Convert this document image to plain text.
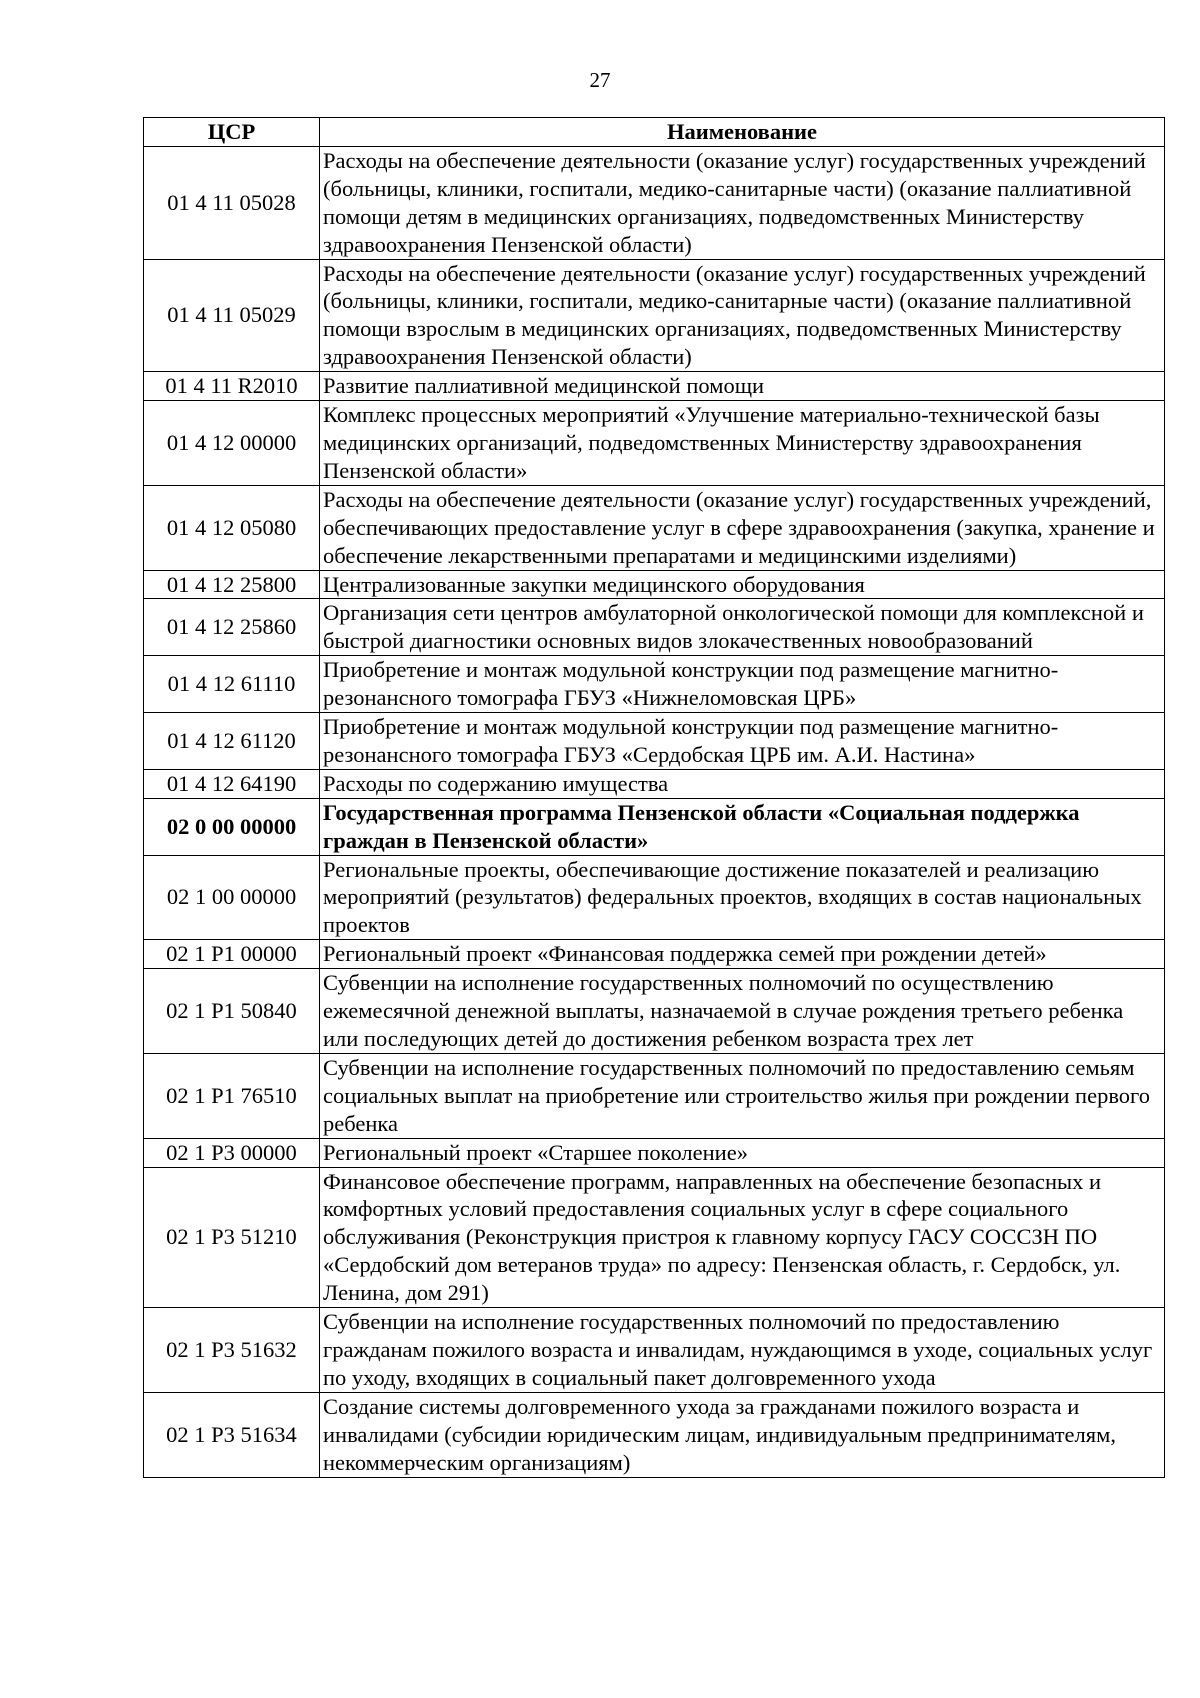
27
ЦСР	Наименование
01 4 11 05028	Расходы на обеспечение деятельности (оказание услуг) государственных учреждений (больницы, клиники, госпитали, медико-санитарные части) (оказание паллиативной помощи детям в медицинских организациях, подведомственных Министерству здравоохранения Пензенской области)
01 4 11 05029	Расходы на обеспечение деятельности (оказание услуг) государственных учреждений (больницы, клиники, госпитали, медико-санитарные части) (оказание паллиативной помощи взрослым в медицинских организациях, подведомственных Министерству здравоохранения Пензенской области)
01 4 11 R2010	Развитие паллиативной медицинской помощи
01 4 12 00000	Комплекс процессных мероприятий «Улучшение материально-технической базы медицинских организаций, подведомственных Министерству здравоохранения Пензенской области»
01 4 12 05080	Расходы на обеспечение деятельности (оказание услуг) государственных учреждений, обеспечивающих предоставление услуг в сфере здравоохранения (закупка, хранение и обеспечение лекарственными препаратами и медицинскими изделиями)
01 4 12 25800	Централизованные закупки медицинского оборудования
01 4 12 25860	Организация сети центров амбулаторной онкологической помощи для комплексной и быстрой диагностики основных видов злокачественных новообразований
01 4 12 61110	Приобретение и монтаж модульной конструкции под размещение магнитно-резонансного томографа ГБУЗ «Нижнеломовская ЦРБ»
01 4 12 61120	Приобретение и монтаж модульной конструкции под размещение магнитно-резонансного томографа ГБУЗ «Сердобская ЦРБ им. А.И. Настина»
01 4 12 64190	Расходы по содержанию имущества
02 0 00 00000	Государственная программа Пензенской области «Социальная поддержка граждан в Пензенской области»
02 1 00 00000	Региональные проекты, обеспечивающие достижение показателей и реализацию мероприятий (результатов) федеральных проектов, входящих в состав национальных проектов
02 1 Р1 00000	Региональный проект «Финансовая поддержка семей при рождении детей»
02 1 Р1 50840	Субвенции на исполнение государственных полномочий по осуществлению ежемесячной денежной выплаты, назначаемой в случае рождения третьего ребенка или последующих детей до достижения ребенком возраста трех лет
02 1 Р1 76510	Субвенции на исполнение государственных полномочий по предоставлению семьям социальных выплат на приобретение или строительство жилья при рождении первого ребенка
02 1 Р3 00000	Региональный проект «Старшее поколение»
02 1 Р3 51210	Финансовое обеспечение программ, направленных на обеспечение безопасных и комфортных условий предоставления социальных услуг в сфере социального обслуживания (Реконструкция пристроя к главному корпусу ГАСУ СОССЗН ПО «Сердобский дом ветеранов труда» по адресу: Пензенская область, г. Сердобск, ул. Ленина, дом 291)
02 1 Р3 51632	Субвенции на исполнение государственных полномочий по предоставлению гражданам пожилого возраста и инвалидам, нуждающимся в уходе, социальных услуг по уходу, входящих в социальный пакет долговременного ухода
02 1 Р3 51634	Создание системы долговременного ухода за гражданами пожилого возраста и инвалидами (субсидии юридическим лицам, индивидуальным предпринимателям, некоммерческим организациям)
